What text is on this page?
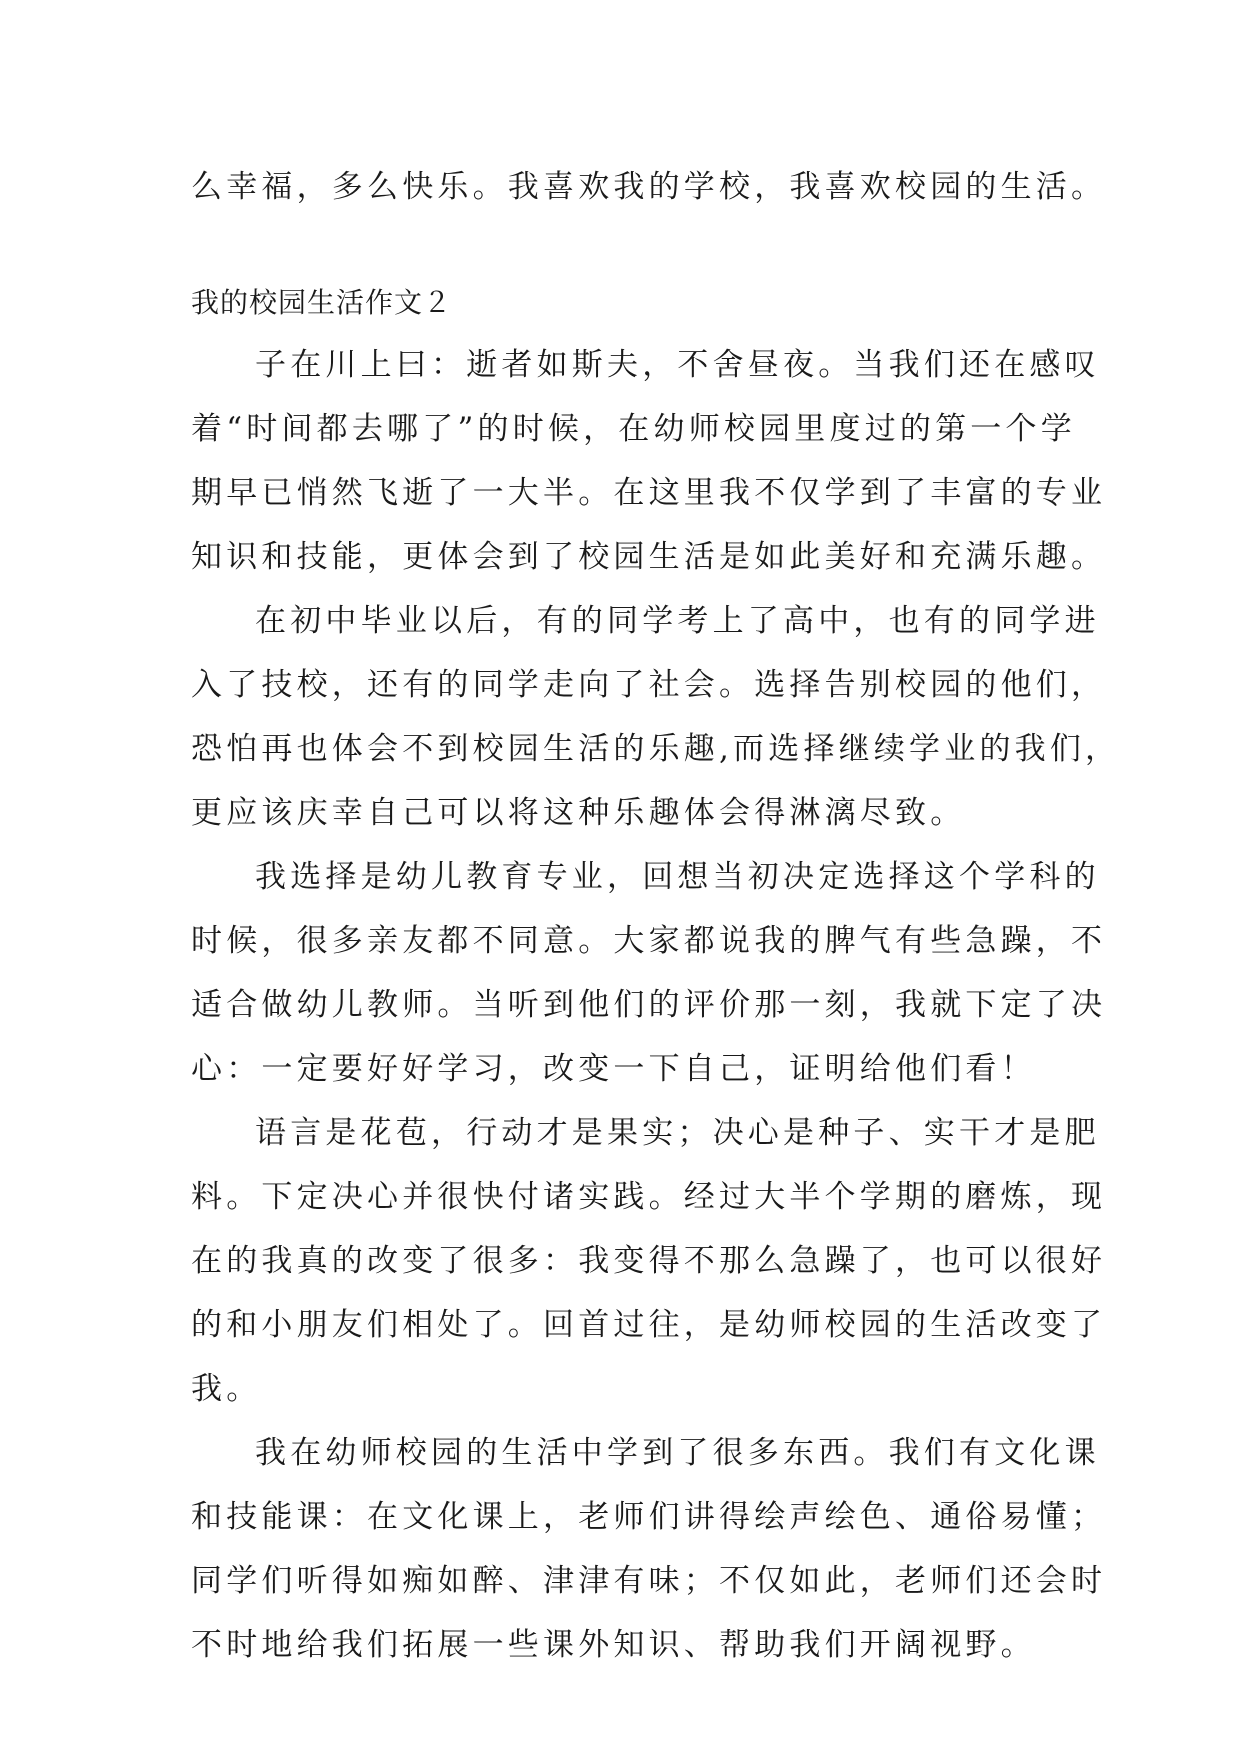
么幸福，多么快乐。我喜欢我的学校，我喜欢校园的生活。
我的校园生活作文２
子在川上曰：逝者如斯夫，不舍昼夜。当我们还在感叹
着“时间都去哪了”的时候，在幼师校园里度过的第一个学
期早已悄然飞逝了一大半。在这里我不仅学到了丰富的专业
知识和技能，更体会到了校园生活是如此美好和充满乐趣。
在初中毕业以后，有的同学考上了高中，也有的同学进
入了技校，还有的同学走向了社会。选择告别校园的他们，
恐怕再也体会不到校园生活的乐趣,而选择继续学业的我们，
更应该庆幸自己可以将这种乐趣体会得淋漓尽致。
我选择是幼儿教育专业，回想当初决定选择这个学科的
时候，很多亲友都不同意。大家都说我的脾气有些急躁，不
适合做幼儿教师。当听到他们的评价那一刻，我就下定了决
心：一定要好好学习，改变一下自己，证明给他们看！
语言是花苞，行动才是果实；决心是种子、实干才是肥
料。下定决心并很快付诸实践。经过大半个学期的磨炼，现
在的我真的改变了很多：我变得不那么急躁了，也可以很好
的和小朋友们相处了。回首过往，是幼师校园的生活改变了
我。
我在幼师校园的生活中学到了很多东西。我们有文化课
和技能课：在文化课上，老师们讲得绘声绘色、通俗易懂；
同学们听得如痴如醉、津津有味；不仅如此，老师们还会时
不时地给我们拓展一些课外知识、帮助我们开阔视野。
